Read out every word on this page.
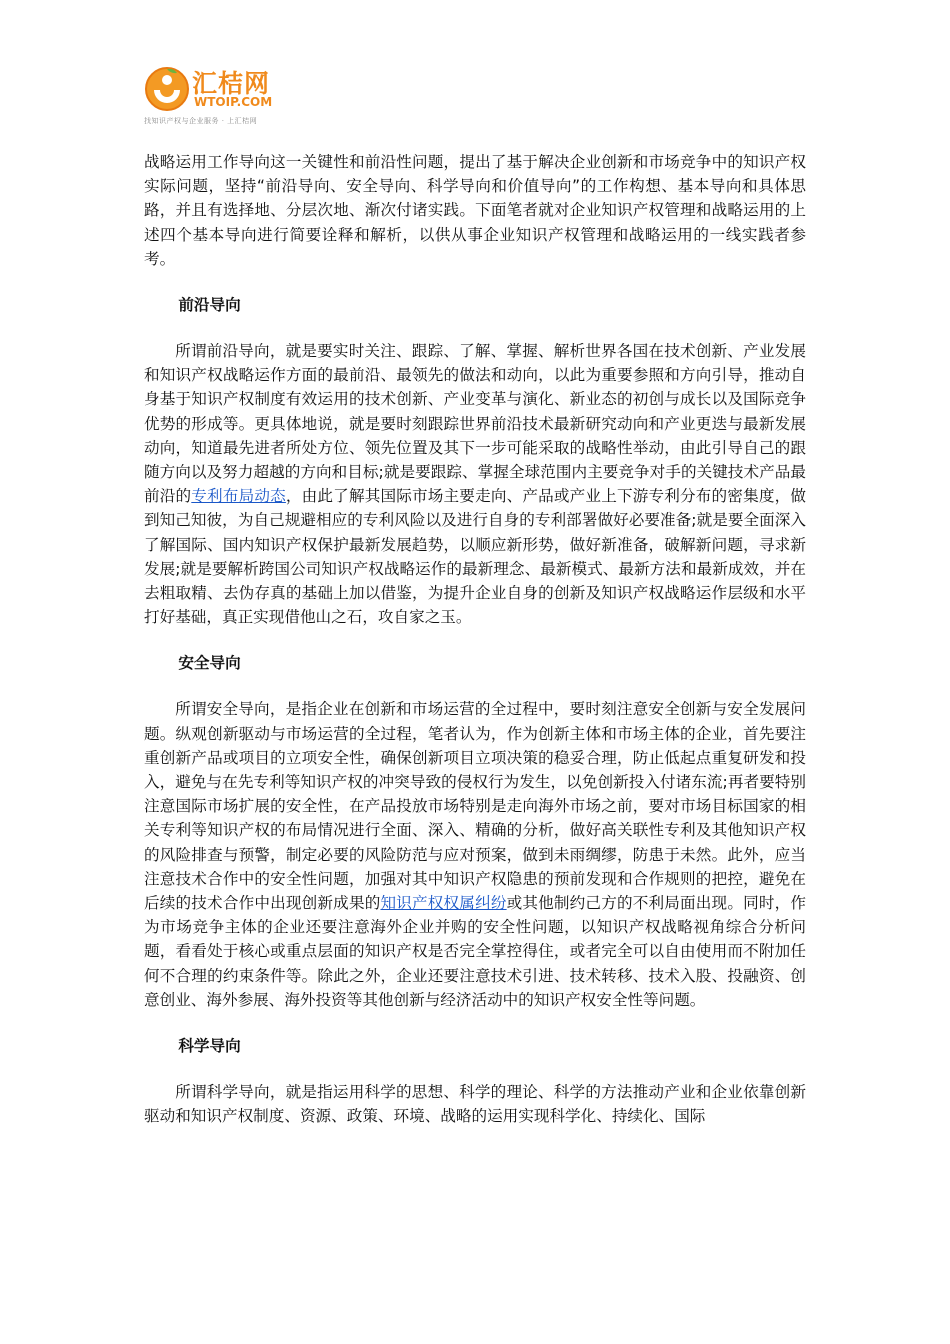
汇桔网
WTOIP.COM
找知识产权与企业服务 · 上汇桔网

战略运用工作导向这一关键性和前沿性问题，提出了基于解决企业创新和市场竞争中的知识产权实际问题，坚持“前沿导向、安全导向、科学导向和价值导向”的工作构想、基本导向和具体思路，并且有选择地、分层次地、渐次付诸实践。下面笔者就对企业知识产权管理和战略运用的上述四个基本导向进行简要诠释和解析，以供从事企业知识产权管理和战略运用的一线实践者参考。

前沿导向

所谓前沿导向，就是要实时关注、跟踪、了解、掌握、解析世界各国在技术创新、产业发展和知识产权战略运作方面的最前沿、最领先的做法和动向，以此为重要参照和方向引导，推动自身基于知识产权制度有效运用的技术创新、产业变革与演化、新业态的初创与成长以及国际竞争优势的形成等。更具体地说，就是要时刻跟踪世界前沿技术最新研究动向和产业更迭与最新发展动向，知道最先进者所处方位、领先位置及其下一步可能采取的战略性举动，由此引导自己的跟随方向以及努力超越的方向和目标;就是要跟踪、掌握全球范围内主要竞争对手的关键技术产品最前沿的专利布局动态，由此了解其国际市场主要走向、产品或产业上下游专利分布的密集度，做到知己知彼，为自己规避相应的专利风险以及进行自身的专利部署做好必要准备;就是要全面深入了解国际、国内知识产权保护最新发展趋势，以顺应新形势，做好新准备，破解新问题，寻求新发展;就是要解析跨国公司知识产权战略运作的最新理念、最新模式、最新方法和最新成效，并在去粗取精、去伪存真的基础上加以借鉴，为提升企业自身的创新及知识产权战略运作层级和水平打好基础，真正实现借他山之石，攻自家之玉。

安全导向

所谓安全导向，是指企业在创新和市场运营的全过程中，要时刻注意安全创新与安全发展问题。纵观创新驱动与市场运营的全过程，笔者认为，作为创新主体和市场主体的企业，首先要注重创新产品或项目的立项安全性，确保创新项目立项决策的稳妥合理，防止低起点重复研发和投入，避免与在先专利等知识产权的冲突导致的侵权行为发生，以免创新投入付诸东流;再者要特别注意国际市场扩展的安全性，在产品投放市场特别是走向海外市场之前，要对市场目标国家的相关专利等知识产权的布局情况进行全面、深入、精确的分析，做好高关联性专利及其他知识产权的风险排查与预警，制定必要的风险防范与应对预案，做到未雨绸缪，防患于未然。此外，应当注意技术合作中的安全性问题，加强对其中知识产权隐患的预前发现和合作规则的把控，避免在后续的技术合作中出现创新成果的知识产权权属纠纷或其他制约己方的不利局面出现。同时，作为市场竞争主体的企业还要注意海外企业并购的安全性问题，以知识产权战略视角综合分析问题，看看处于核心或重点层面的知识产权是否完全掌控得住，或者完全可以自由使用而不附加任何不合理的约束条件等。除此之外，企业还要注意技术引进、技术转移、技术入股、投融资、创意创业、海外参展、海外投资等其他创新与经济活动中的知识产权安全性等问题。

科学导向

所谓科学导向，就是指运用科学的思想、科学的理论、科学的方法推动产业和企业依靠创新驱动和知识产权制度、资源、政策、环境、战略的运用实现科学化、持续化、国际
